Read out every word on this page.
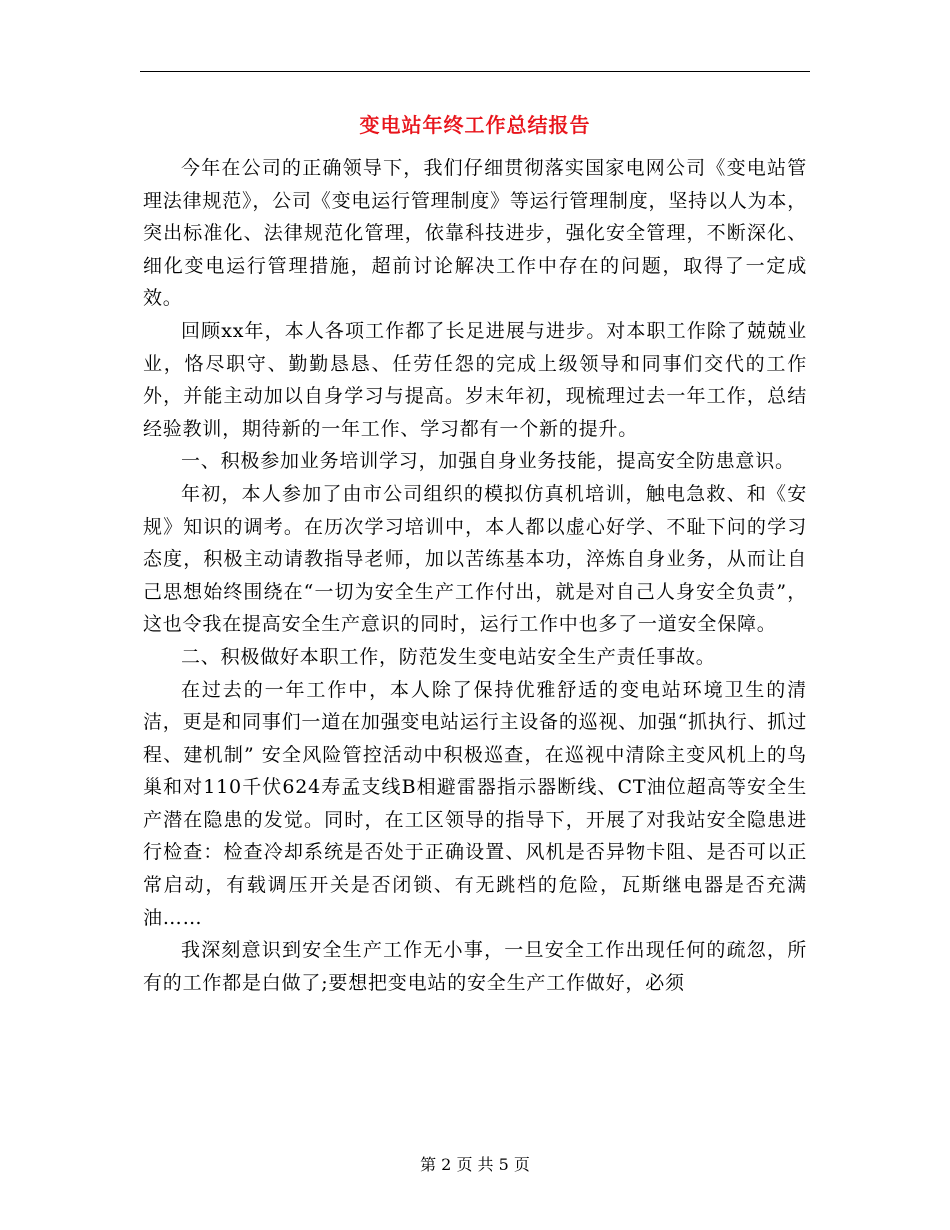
变电站年终工作总结报告

今年在公司的正确领导下，我们仔细贯彻落实国家电网公司《变电站管理法律规范》，公司《变电运行管理制度》等运行管理制度，坚持以人为本，突出标准化、法律规范化管理，依靠科技进步，强化安全管理，不断深化、细化变电运行管理措施，超前讨论解决工作中存在的问题，取得了一定成效。

回顾xx年，本人各项工作都了长足进展与进步。对本职工作除了兢兢业业，恪尽职守、勤勤恳恳、任劳任怨的完成上级领导和同事们交代的工作外，并能主动加以自身学习与提高。岁末年初，现梳理过去一年工作，总结经验教训，期待新的一年工作、学习都有一个新的提升。

一、积极参加业务培训学习，加强自身业务技能，提高安全防患意识。

年初，本人参加了由市公司组织的模拟仿真机培训，触电急救、和《安规》知识的调考。在历次学习培训中，本人都以虚心好学、不耻下问的学习态度，积极主动请教指导老师，加以苦练基本功，淬炼自身业务，从而让自己思想始终围绕在“一切为安全生产工作付出，就是对自己人身安全负责”，这也令我在提高安全生产意识的同时，运行工作中也多了一道安全保障。

二、积极做好本职工作，防范发生变电站安全生产责任事故。

在过去的一年工作中，本人除了保持优雅舒适的变电站环境卫生的清洁，更是和同事们一道在加强变电站运行主设备的巡视、加强“抓执行、抓过程、建机制” 安全风险管控活动中积极巡查，在巡视中清除主变风机上的鸟巢和对110千伏624寿孟支线B相避雷器指示器断线、CT油位超高等安全生产潜在隐患的发觉。同时，在工区领导的指导下，开展了对我站安全隐患进行检查：检查冷却系统是否处于正确设置、风机是否异物卡阻、是否可以正常启动，有载调压开关是否闭锁、有无跳档的危险，瓦斯继电器是否充满油……

我深刻意识到安全生产工作无小事，一旦安全工作出现任何的疏忽，所有的工作都是白做了;要想把变电站的安全生产工作做好，必须

第 2 页 共 5 页
